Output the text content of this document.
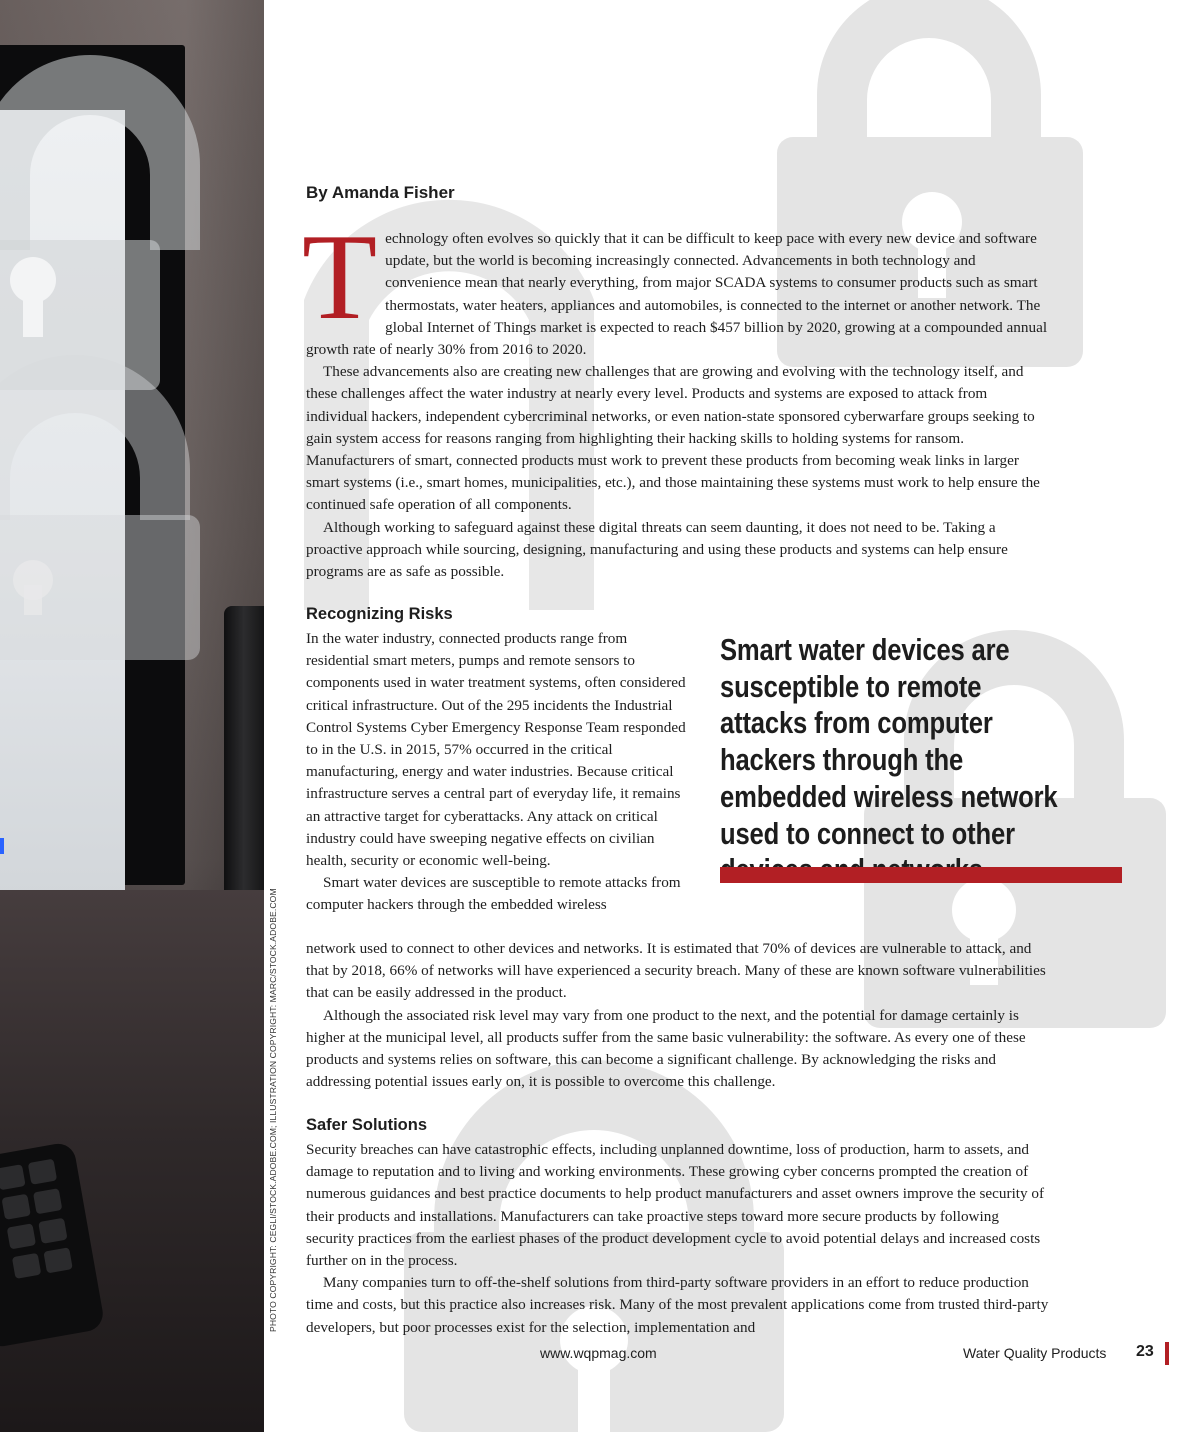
PHOTO COPYRIGHT: CEGLI/STOCK.ADOBE.COM; ILLUSTRATION COPYRIGHT: MARC/STOCK.ADOBE.COM
By Amanda Fisher

Technology often evolves so quickly that it can be difficult to keep pace with every new device and software update, but the world is becoming increasingly connected. Advancements in both technology and convenience mean that nearly everything, from major SCADA systems to consumer products such as smart thermostats, water heaters, appliances and automobiles, is connected to the internet or another network. The global Internet of Things market is expected to reach $457 billion by 2020, growing at a compounded annual growth rate of nearly 30% from 2016 to 2020.

These advancements also are creating new challenges that are growing and evolving with the technology itself, and these challenges affect the water industry at nearly every level. Products and systems are exposed to attack from individual hackers, independent cybercriminal networks, or even nation-state sponsored cyberwarfare groups seeking to gain system access for reasons ranging from highlighting their hacking skills to holding systems for ransom. Manufacturers of smart, connected products must work to prevent these products from becoming weak links in larger smart systems (i.e., smart homes, municipalities, etc.), and those maintaining these systems must work to help ensure the continued safe operation of all components.

Although working to safeguard against these digital threats can seem daunting, it does not need to be. Taking a proactive approach while sourcing, designing, manufacturing and using these products and systems can help ensure programs are as safe as possible.

Recognizing Risks

In the water industry, connected products range from residential smart meters, pumps and remote sensors to components used in water treatment systems, often considered critical infrastructure. Out of the 295 incidents the Industrial Control Systems Cyber Emergency Response Team responded to in the U.S. in 2015, 57% occurred in the critical manufacturing, energy and water industries. Because critical infrastructure serves a central part of everyday life, it remains an attractive target for cyberattacks. Any attack on critical industry could have sweeping negative effects on civilian health, security or economic well-being.

Smart water devices are susceptible to remote attacks from computer hackers through the embedded wireless

network used to connect to other devices and networks. It is estimated that 70% of devices are vulnerable to attack, and that by 2018, 66% of networks will have experienced a security breach. Many of these are known software vulnerabilities that can be easily addressed in the product.

Although the associated risk level may vary from one product to the next, and the potential for damage certainly is higher at the municipal level, all products suffer from the same basic vulnerability: the software. As every one of these products and systems relies on software, this can become a significant challenge. By acknowledging the risks and addressing potential issues early on, it is possible to overcome this challenge.

Smart water devices are susceptible to remote attacks from computer hackers through the embedded wireless network used to connect to other
Safer Solutions

Security breaches can have catastrophic effects, including unplanned downtime, loss of production, harm to assets, and damage to reputation and to living and working environments. These growing cyber concerns prompted the creation of numerous guidances and best practice documents to help product manufacturers and asset owners improve the security of their products and installations. Manufacturers can take proactive steps toward more secure products by following security practices from the earliest phases of the product development cycle to avoid potential delays and increased costs further on in the process.

Many companies turn to off-the-shelf solutions from third-party software providers in an effort to reduce production time and costs, but this practice also increases risk. Many of the most prevalent applications come from trusted third-party developers, but poor processes exist for the selection, implementation and

www.wqpmag.com	Water Quality Products 23
